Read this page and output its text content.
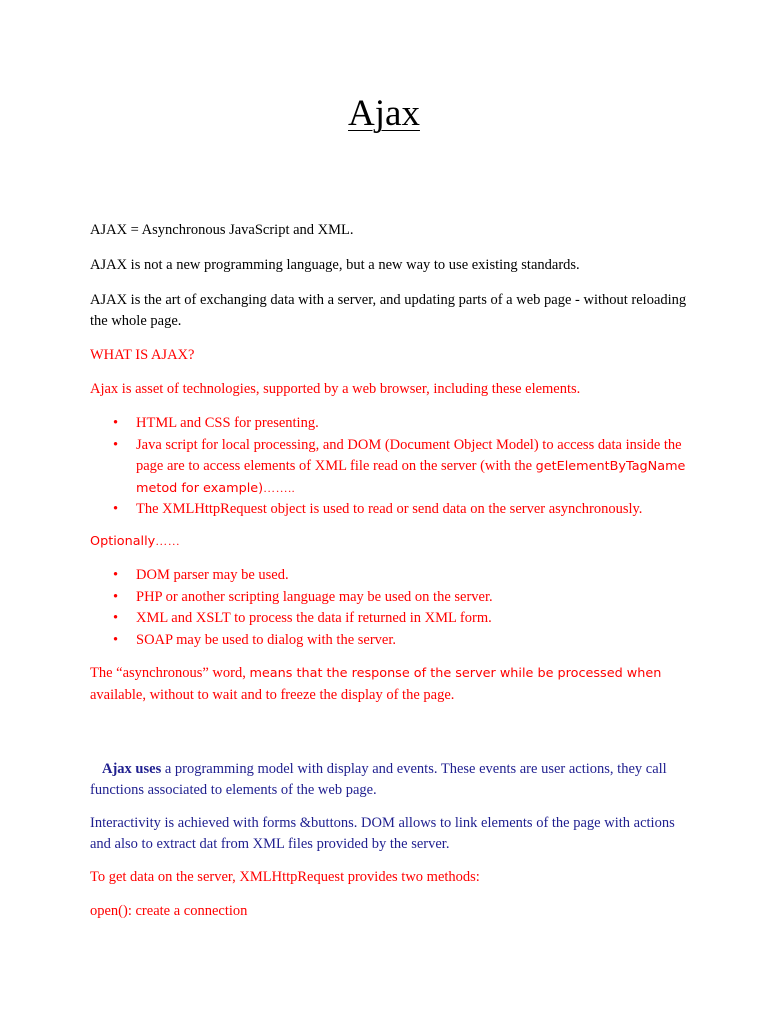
Ajax

AJAX = Asynchronous JavaScript and XML.

AJAX is not a new programming language, but a new way to use existing standards.

AJAX is the art of exchanging data with a server, and updating parts of a web page - without reloading the whole page.

WHAT IS AJAX?

Ajax is asset of technologies, supported by a web browser, including these elements.

• HTML and CSS for presenting.
• Java script for local processing, and DOM (Document Object Model) to access data inside the page are to access elements of XML file read on the server (with the getElementByTagName metod for example)……..
• The XMLHttpRequest object is used to read or send data on the server asynchronously.

Optionally……

• DOM parser may be used.
• PHP or another scripting language may be used on the server.
• XML and XSLT to process the data if returned in XML form.
• SOAP may be used to dialog with the server.

The “asynchronous” word, means that the response of the server while be processed when
available, without to wait and to freeze the display of the page.

Ajax uses a programming model with display and events. These events are user actions, they call functions associated to elements of the web page.

Interactivity is achieved with forms &buttons. DOM allows to link elements of the page with actions and also to extract dat from XML files provided by the server.

To get data on the server, XMLHttpRequest provides two methods:

open(): create a connection
